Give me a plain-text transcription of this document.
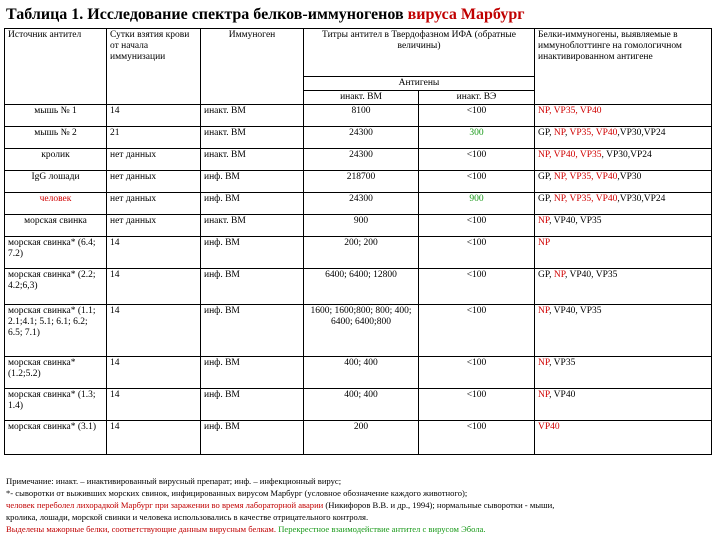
Таблица 1. Исследование спектра белков-иммуногенов вируса Марбург
Источник антител	Сутки взятия крови от начала иммунизации	Иммуноген	Титры антител в Твердофазном ИФА (обратные величины)		Белки-иммуногены, выявляемые в иммуноблоттинге на гомологичном инактивированном антигене
			Антигены		
			инакт. ВМ	инакт. ВЭ	
мышь № 1	14	инакт. ВМ	8100	<100	NP, VP35, VP40
мышь № 2	21	инакт. ВМ	24300	300	GP, NP, VP35, VP40,VP30,VP24
кролик	нет данных	инакт. ВМ	24300	<100	NP, VP40, VP35, VP30,VP24
IgG лошади	нет данных	инф. ВМ	218700	<100	GP, NP, VP35, VP40,VP30
человек	нет данных	инф. ВМ	24300	900	GP, NP, VP35, VP40,VP30,VP24
морская свинка	нет данных	инакт. ВМ	900	<100	NP, VP40, VP35
морская свинка* (6.4; 7.2)	14	инф. ВМ	200; 200	<100	NP
морская свинка* (2.2; 4.2;6,3)	14	инф. ВМ	6400; 6400; 12800	<100	GP, NP, VP40, VP35
морская свинка* (1.1; 2.1;4.1; 5.1; 6.1; 6.2; 6.5; 7.1)	14	инф. ВМ	1600; 1600;800; 800; 400; 6400; 6400;800	<100	NP, VP40, VP35
морская свинка* (1.2;5.2)	14	инф. ВМ	400; 400	<100	NP, VP35
морская свинка* (1.3; 1.4)	14	инф. ВМ	400; 400	<100	NP, VP40
морская свинка* (3.1)	14	инф. ВМ	200	<100	VP40
Примечание: инакт. – инактивированный вирусный препарат; инф. – инфекционный вирус;
*- сыворотки от выживших морских свинок, инфицированных вирусом Марбург (условное обозначение каждого животного);
человек переболел лихорадкой Марбург при заражении во время лабораторной аварии (Никифоров В.В. и др., 1994); нормальные сыворотки - мыши,
кролика, лошади, морской свинки и человека использовались в качестве отрицательного контроля.
Выделены мажорные белки, соответствующие данным вирусным белкам. Перекрестное взаимодействие антител с вирусом Эбола.
